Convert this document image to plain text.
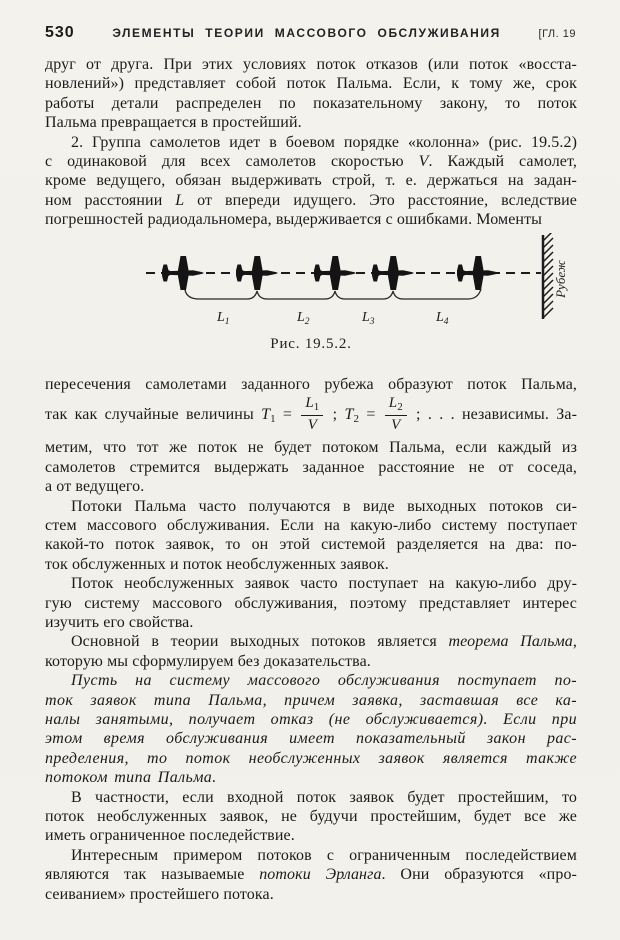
530	ЭЛЕМЕНТЫ ТЕОРИИ МАССОВОГО ОБСЛУЖИВАНИЯ	[ГЛ. 19
друг от друга. При этих условиях поток отказов (или поток «восста-
новлений») представляет собой поток Пальма. Если, к тому же, срок
работы детали распределен по показательному закону, то поток
Пальма превращается в простейший.
2. Группа самолетов идет в боевом порядке «колонна» (рис. 19.5.2)
с одинаковой для всех самолетов скоростью V. Каждый самолет,
кроме ведущего, обязан выдерживать строй, т. е. держаться на задан-
ном расстоянии L от впереди идущего. Это расстояние, вследствие
погрешностей радиодальномера, выдерживается с ошибками. Моменты
$L_1$	$L_2$	$L_3$	$L_4$
Рубеж
Рис. 19.5.2.
пересечения самолетами заданного рубежа образуют поток Пальма,
так как случайные величины $T_1 = \frac{L_1}{V}$ ; $T_2 = \frac{L_2}{V}$ ; . . . независимы. За-
метим, что тот же поток не будет потоком Пальма, если каждый из
самолетов стремится выдержать заданное расстояние не от соседа,
а от ведущего.
Потоки Пальма часто получаются в виде выходных потоков си-
стем массового обслуживания. Если на какую-либо систему поступает
какой-то поток заявок, то он этой системой разделяется на два: по-
ток обслуженных и поток необслуженных заявок.
Поток необслуженных заявок часто поступает на какую-либо дру-
гую систему массового обслуживания, поэтому представляет интерес
изучить его свойства.
Основной в теории выходных потоков является теорема Пальма,
которую мы сформулируем без доказательства.
Пусть на систему массового обслуживания поступает по-
ток заявок типа Пальма, причем заявка, заставшая все ка-
налы занятыми, получает отказ (не обслуживается). Если при
этом время обслуживания имеет показательный закон рас-
пределения, то поток необслуженных заявок является также
потоком типа Пальма.
В частности, если входной поток заявок будет простейшим, то
поток необслуженных заявок, не будучи простейшим, будет все же
иметь ограниченное последействие.
Интересным примером потоков с ограниченным последействием
являются так называемые потоки Эрланга. Они образуются «про-
сеиванием» простейшего потока.
